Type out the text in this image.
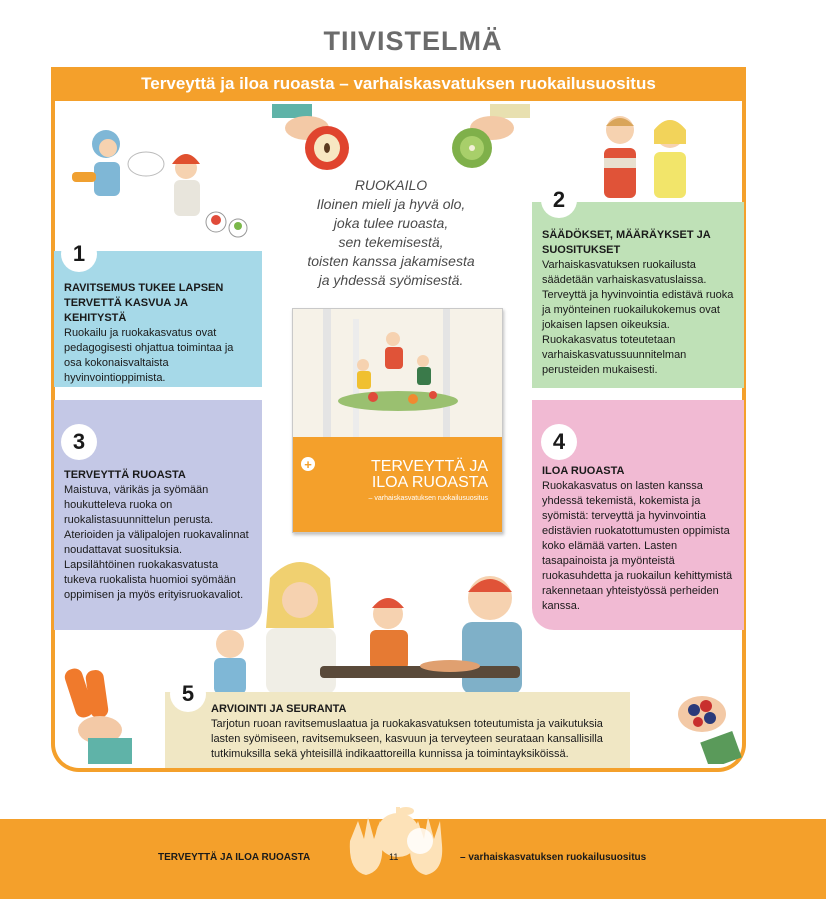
TIIVISTELMÄ
Terveyttä ja iloa ruoasta – varhaiskasvatuksen ruokailusuositus
RAVITSEMUS TUKEE LAPSEN TERVETTÄ KASVUA JA KEHITYSTÄ
Ruokailu ja ruokakasvatus ovat pedagogisesti ohjattua toimintaa ja osa kokonaisvaltaista hyvinvointioppimista.
1
SÄÄDÖKSET, MÄÄRÄYKSET JA SUOSITUKSET
Varhaiskasvatuksen ruokailusta säädetään varhaiskasvatuslaissa. Terveyttä ja hyvinvointia edistävä ruoka ja myönteinen ruokailukokemus ovat jokaisen lapsen oikeuksia. Ruokakasvatus toteutetaan varhaiskasvatussuunnitelman perusteiden mukaisesti.
2
TERVEYTTÄ RUOASTA
Maistuva, värikäs ja syömään houkutteleva ruoka on ruokalistasuunnittelun perusta. Aterioiden ja välipalojen ruokavalinnat noudattavat suosituksia. Lapsilähtöinen ruokakasvatusta tukeva ruokalista huomioi syömään oppimisen ja myös erityisruokavaliot.
3
ILOA RUOASTA
Ruokakasvatus on lasten kanssa yhdessä tekemistä, kokemista ja syömistä: terveyttä ja hyvinvointia edistävien ruokatottumusten oppimista koko elämää varten. Lasten tasapainoista ja myönteistä ruokasuhdetta ja ruokailun kehittymistä rakennetaan yhteistyössä perheiden kanssa.
4
ARVIOINTI JA SEURANTA
Tarjotun ruoan ravitsemuslaatua ja ruokakasvatuksen toteutumista ja vaikutuksia lasten syömiseen, ravitsemukseen, kasvuun ja terveyteen seurataan kansallisilla tutkimuksilla sekä yhteisillä indikaattoreilla kunnissa ja toimintayksiköissä.
5
RUOKAILO
Iloinen mieli ja hyvä olo,
joka tulee ruoasta,
sen tekemisestä,
toisten kanssa jakamisesta
ja yhdessä syömisestä.
+	TERVEYTTÄ JA
ILOA RUOASTA
– varhaiskasvatuksen ruokailusuositus
TERVEYTTÄ JA ILOA RUOASTA	11	– varhaiskasvatuksen ruokailusuositus
